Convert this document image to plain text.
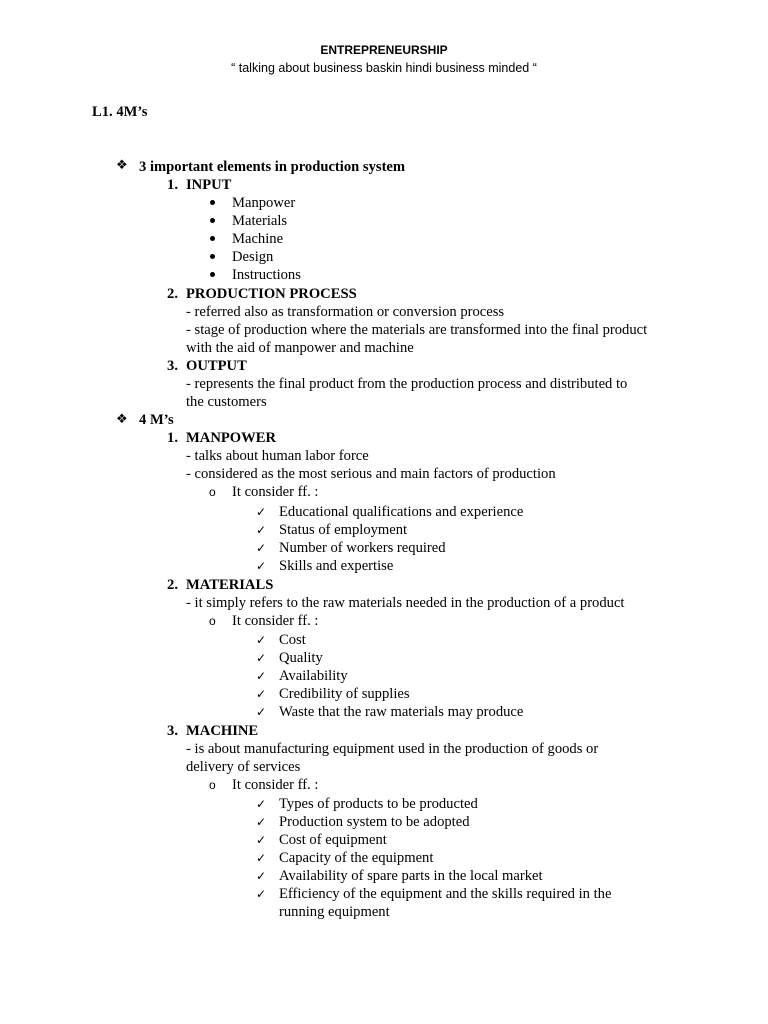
ENTREPRENEURSHIP
“ talking about business baskin hindi business minded “
L1. 4M’s
❖ 3 important elements in production system
1. INPUT
Manpower
Materials
Machine
Design
Instructions
2. PRODUCTION PROCESS
- referred also as transformation or conversion process
- stage of production where the materials are transformed into the final product
with the aid of manpower and machine
3. OUTPUT
- represents the final product from the production process and distributed to
the customers
❖ 4 M’s
1. MANPOWER
- talks about human labor force
- considered as the most serious and main factors of production
o It consider ff. :
✓ Educational qualifications and experience
✓ Status of employment
✓ Number of workers required
✓ Skills and expertise
2. MATERIALS
- it simply refers to the raw materials needed in the production of a product
o It consider ff. :
✓ Cost
✓ Quality
✓ Availability
✓ Credibility of supplies
✓ Waste that the raw materials may produce
3. MACHINE
- is about manufacturing equipment used in the production of goods or
delivery of services
o It consider ff. :
✓ Types of products to be producted
✓ Production system to be adopted
✓ Cost of equipment
✓ Capacity of the equipment
✓ Availability of spare parts in the local market
✓ Efficiency of the equipment and the skills required in the
running equipment
